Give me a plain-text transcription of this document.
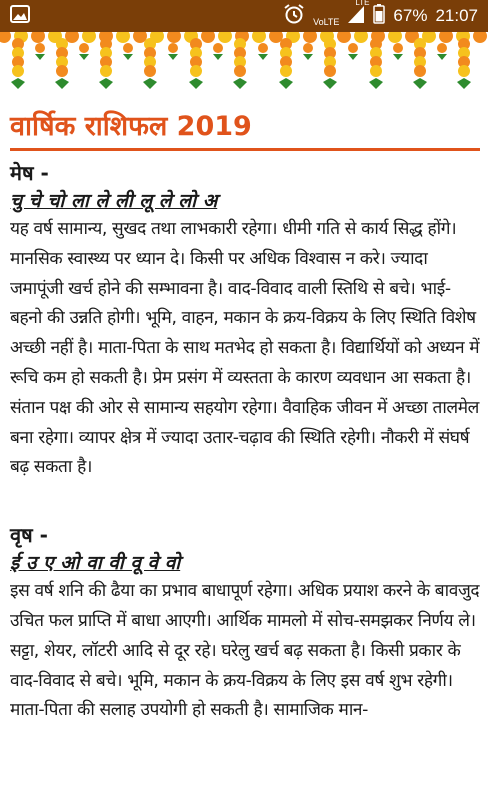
VoLTE
LTE
67% 21:07
वार्षिक राशिफल 2019
मेष -
चु चे चो ला ले ली लू ले लो अ
यह वर्ष सामान्य, सुखद तथा लाभकारी रहेगा। धीमी गति से कार्य सिद्ध होंगे। मानसिक स्वास्थ्य पर ध्यान दे। किसी पर अधिक विश्वास न करे। ज्यादा जमापूंजी खर्च होने की सम्भावना है। वाद-विवाद वाली स्तिथि से बचे। भाई-बहनो की उन्नति होगी। भूमि, वाहन, मकान के क्रय-विक्रय के लिए स्थिति विशेष अच्छी नहीं है। माता-पिता के साथ मतभेद हो सकता है। विद्यार्थियों को अध्यन में रूचि कम हो सकती है। प्रेम प्रसंग में व्यस्तता के कारण व्यवधान आ सकता है। संतान पक्ष की ओर से सामान्य सहयोग रहेगा। वैवाहिक जीवन में अच्छा तालमेल बना रहेगा। व्यापर क्षेत्र में ज्यादा उतार-चढ़ाव की स्थिति रहेगी। नौकरी में संघर्ष बढ़ सकता है।
वृष -
ई उ ए ओ वा वी वू वे वो
इस वर्ष शनि की ढैया का प्रभाव बाधापूर्ण रहेगा। अधिक प्रयाश करने के बावजुद उचित फल प्राप्ति में बाधा आएगी। आर्थिक मामलो में सोच-समझकर निर्णय ले। सट्टा, शेयर, लॉटरी आदि से दूर रहे। घरेलु खर्च बढ़ सकता है। किसी प्रकार के वाद-विवाद से बचे। भूमि, मकान के क्रय-विक्रय के लिए इस वर्ष शुभ रहेगी। माता-पिता की सलाह उपयोगी हो सकती है। सामाजिक मान-
